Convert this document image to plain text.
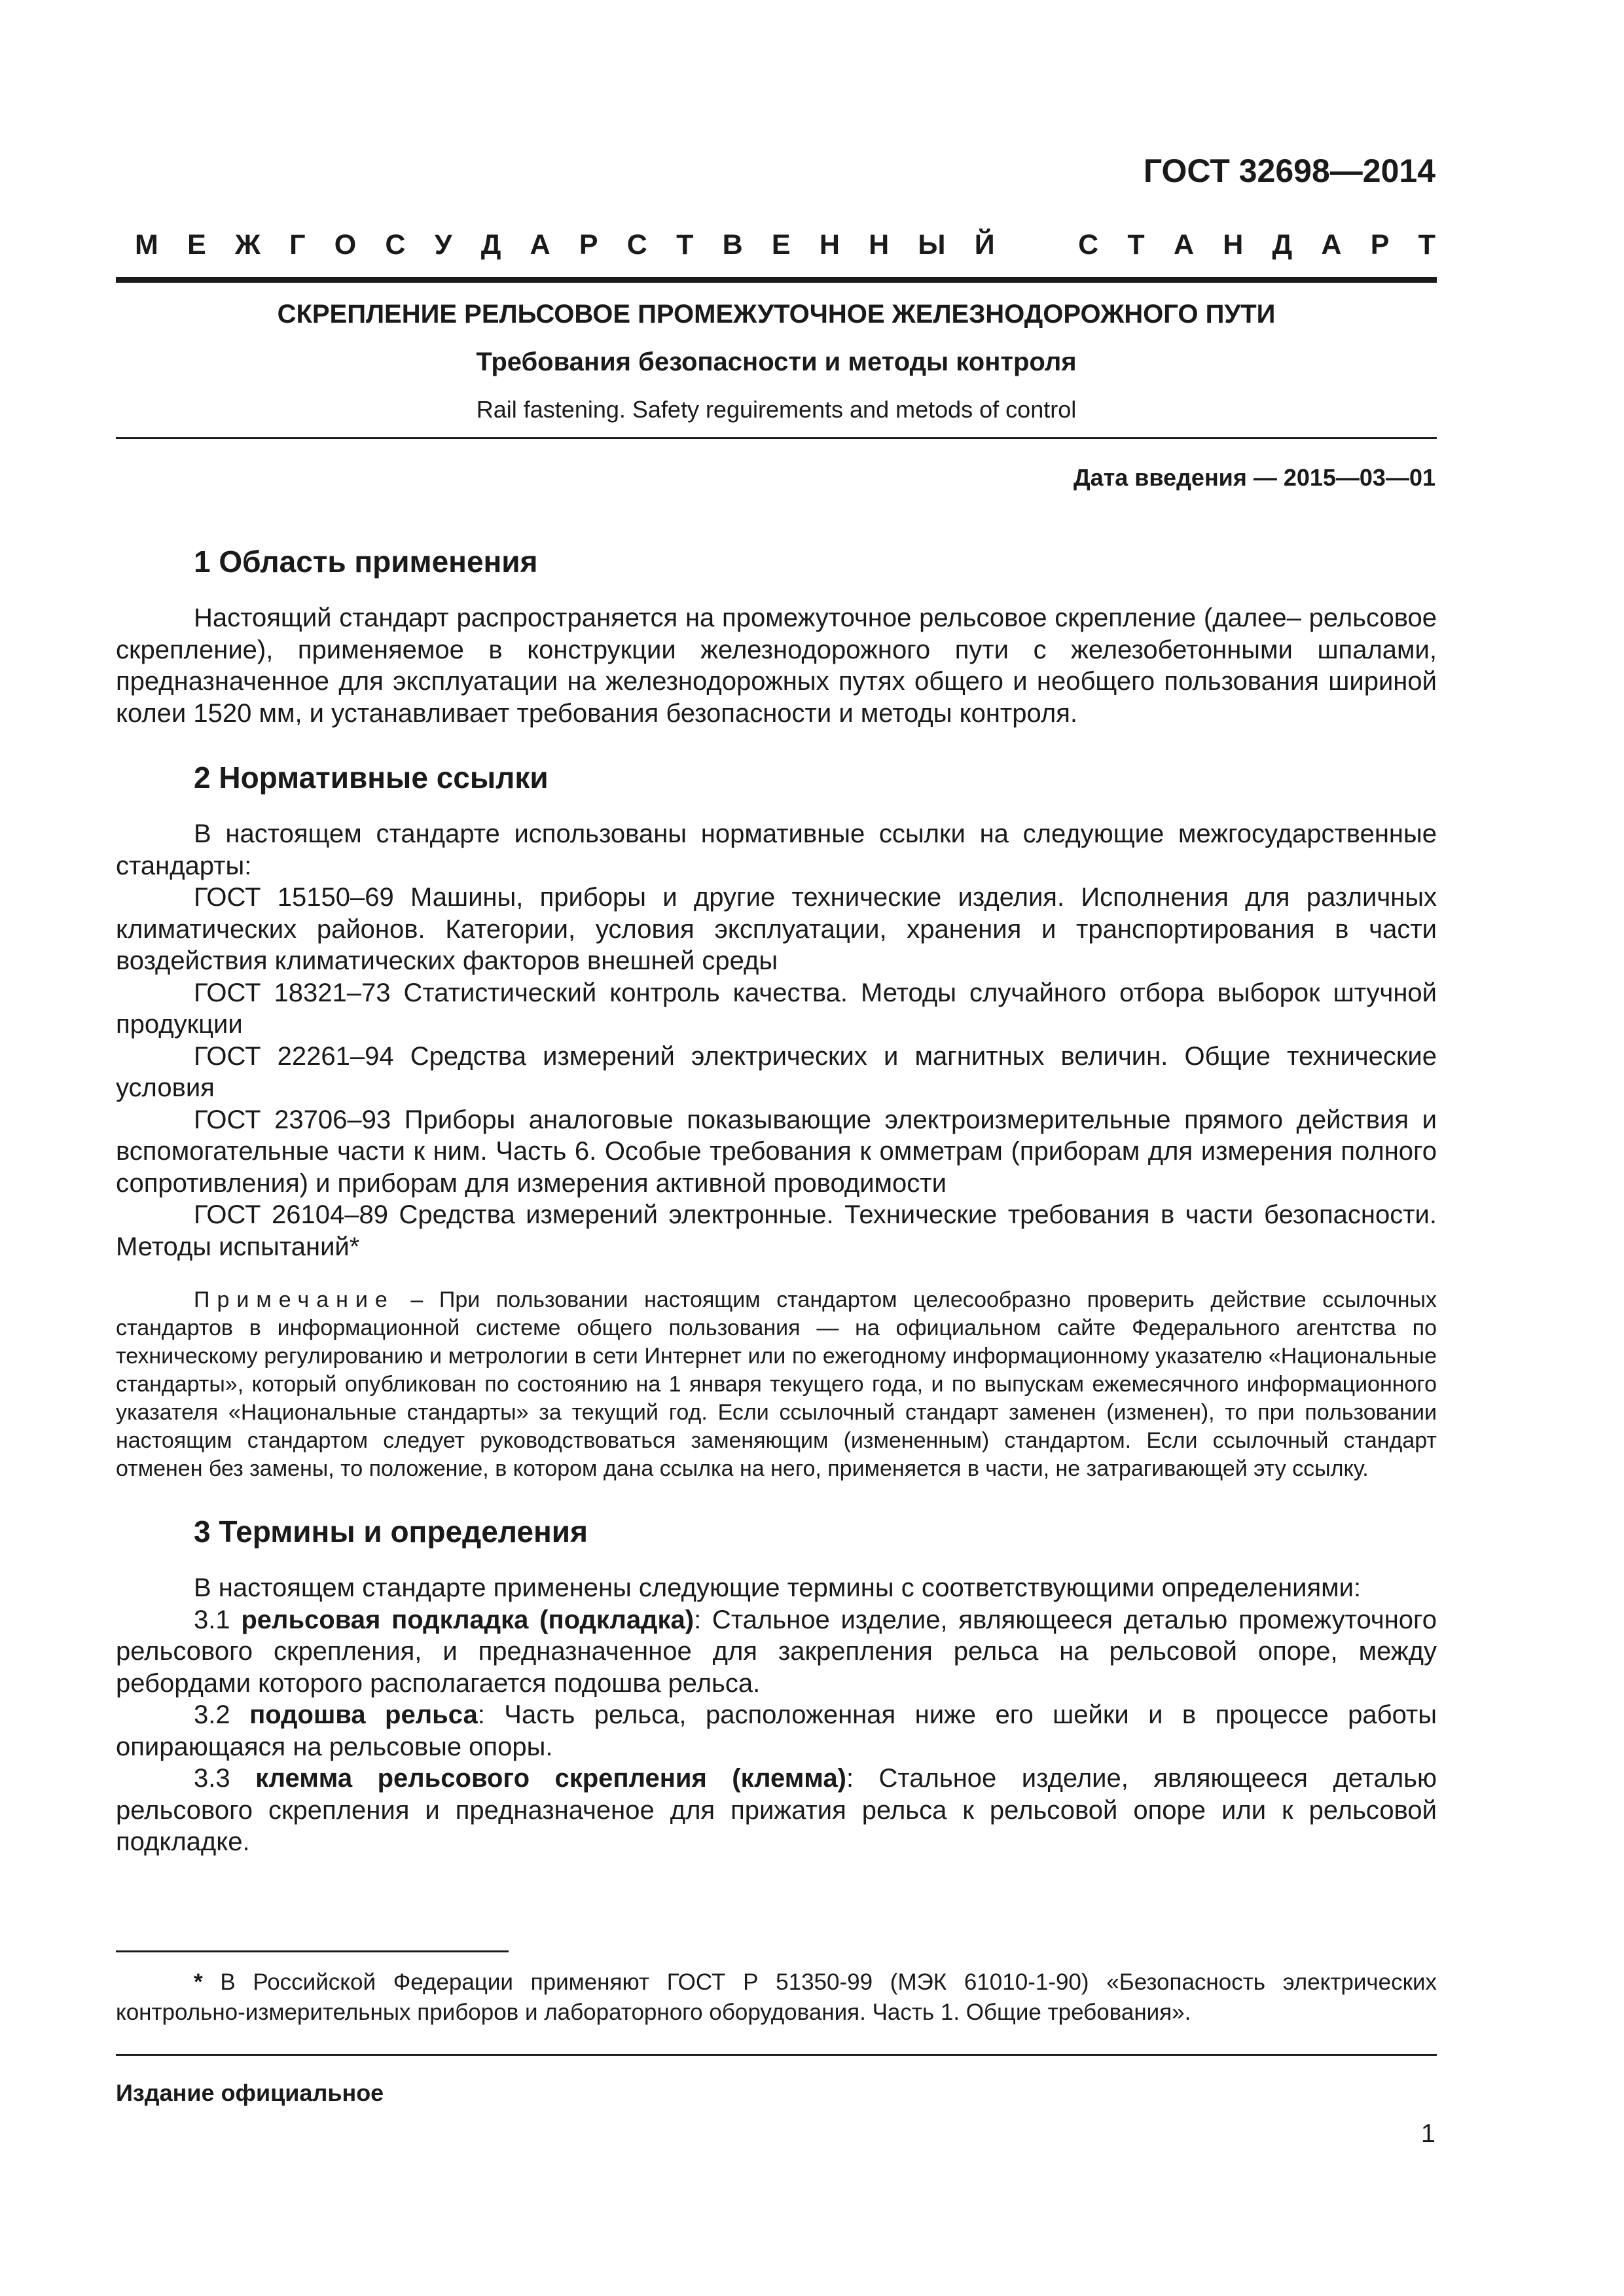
ГОСТ 32698—2014
М Е Ж Г О С У Д А Р С Т В Е Н Н Ы Й	С Т А Н Д А Р Т
СКРЕПЛЕНИЕ РЕЛЬСОВОЕ ПРОМЕЖУТОЧНОЕ ЖЕЛЕЗНОДОРОЖНОГО ПУТИ
Требования безопасности и методы контроля
Rail fastening. Safety reguirements and metods of control
Дата введения — 2015—03—01
1 Область применения

Настоящий стандарт распространяется на промежуточное рельсовое скрепление (далее– рельсовое скрепление), применяемое в конструкции железнодорожного пути с железобетонными шпалами, предназначенное для эксплуатации на железнодорожных путях общего и необщего пользования шириной колеи 1520 мм, и устанавливает требования безопасности и методы контроля.

2 Нормативные ссылки

В настоящем стандарте использованы нормативные ссылки на следующие межгосударственные стандарты:

ГОСТ 15150–69 Машины, приборы и другие технические изделия. Исполнения для различных климатических районов. Категории, условия эксплуатации, хранения и транспортирования в части воздействия климатических факторов внешней среды

ГОСТ 18321–73 Статистический контроль качества. Методы случайного отбора выборок штучной продукции

ГОСТ 22261–94 Средства измерений электрических и магнитных величин. Общие технические условия

ГОСТ 23706–93 Приборы аналоговые показывающие электроизмерительные прямого действия и вспомогательные части к ним. Часть 6. Особые требования к омметрам (приборам для измерения полного сопротивления) и приборам для измерения активной проводимости

ГОСТ 26104–89 Средства измерений электронные. Технические требования в части безопасности. Методы испытаний*

Примечание – При пользовании настоящим стандартом целесообразно проверить действие ссылочных стандартов в информационной системе общего пользования — на официальном сайте Федерального агентства по техническому регулированию и метрологии в сети Интернет или по ежегодному информационному указателю «Национальные стандарты», который опубликован по состоянию на 1 января текущего года, и по выпускам ежемесячного информационного указателя «Национальные стандарты» за текущий год. Если ссылочный стандарт заменен (изменен), то при пользовании настоящим стандартом следует руководствоваться заменяющим (измененным) стандартом. Если ссылочный стандарт отменен без замены, то положение, в котором дана ссылка на него, применяется в части, не затрагивающей эту ссылку.

3 Термины и определения

В настоящем стандарте применены следующие термины с соответствующими определениями:

3.1 рельсовая подкладка (подкладка): Стальное изделие, являющееся деталью промежуточного рельсового скрепления, и предназначенное для закрепления рельса на рельсовой опоре, между ребордами которого располагается подошва рельса.

3.2 подошва рельса: Часть рельса, расположенная ниже его шейки и в процессе работы опирающаяся на рельсовые опоры.

3.3 клемма рельсового скрепления (клемма): Стальное изделие, являющееся деталью рельсового скрепления и предназначеное для прижатия рельса к рельсовой опоре или к рельсовой подкладке.

* В Российской Федерации применяют ГОСТ Р 51350-99 (МЭК 61010-1-90) «Безопасность электрических контрольно-измерительных приборов и лабораторного оборудования. Часть 1. Общие требования».
Издание официальное
1
